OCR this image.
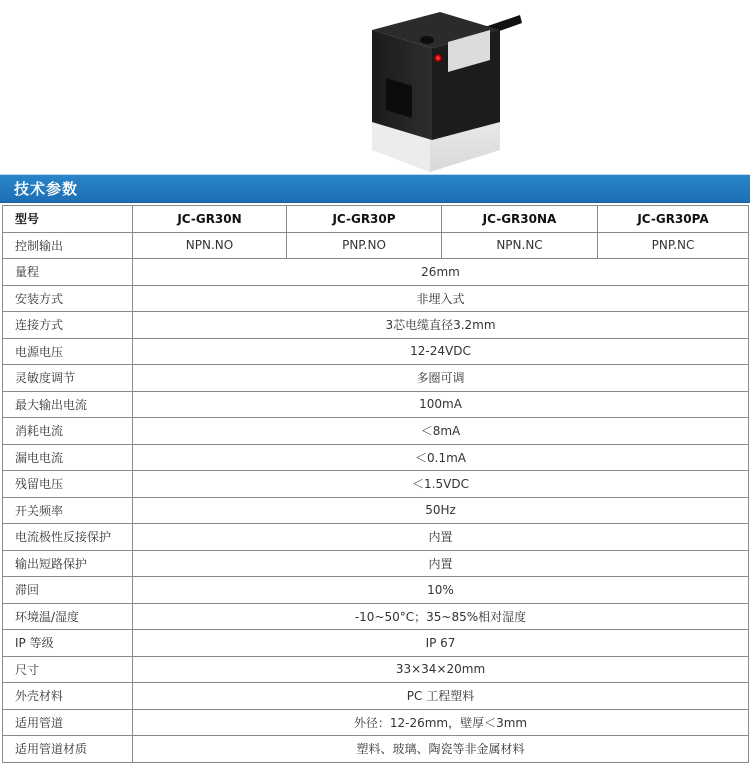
技术参数
型号	JC-GR30N	JC-GR30P	JC-GR30NA	JC-GR30PA
控制输出	NPN.NO	PNP.NO	NPN.NC	PNP.NC
量程	26mm			
安装方式	非埋入式			
连接方式	3芯电缆直径3.2mm			
电源电压	12-24VDC			
灵敏度调节	多圈可调			
最大输出电流	100mA			
消耗电流	＜8mA			
漏电电流	＜0.1mA			
残留电压	＜1.5VDC			
开关频率	50Hz			
电流极性反接保护	内置			
输出短路保护	内置			
滞回	10%			
环境温/湿度	-10~50°C；35~85%相对湿度			
IP 等级	IP 67			
尺寸	33×34×20mm			
外壳材料	PC 工程塑料			
适用管道	外径：12-26mm，壁厚＜3mm			
适用管道材质	塑料、玻璃、陶瓷等非金属材料			
